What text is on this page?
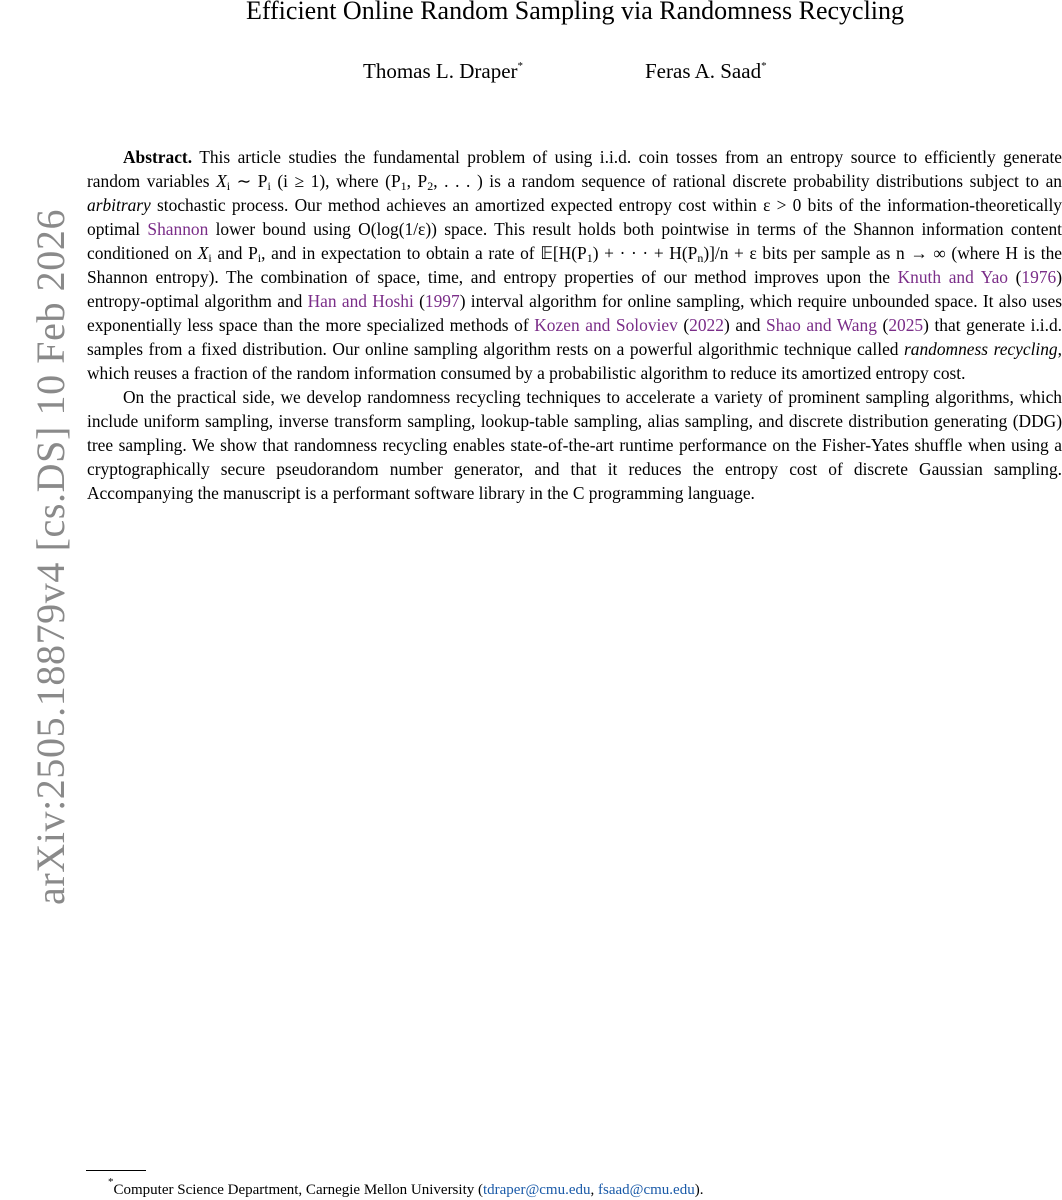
arXiv:2505.18879v4 [cs.DS] 10 Feb 2026
Efficient Online Random Sampling via Randomness Recycling
Thomas L. Draper*	Feras A. Saad*

Abstract. This article studies the fundamental problem of using i.i.d. coin tosses from an entropy source to efficiently generate random variables $X_i$ ∼ $P_i$ (i ≥ 1), where ($P_1$, $P_2$, . . . ) is a random sequence of rational discrete probability distributions subject to an arbitrary stochastic process. Our method achieves an amortized expected entropy cost within ε > 0 bits of the information-theoretically optimal Shannon lower bound using O(log(1/ε)) space. This result holds both pointwise in terms of the Shannon information content conditioned on $X_i$ and $P_i$, and in expectation to obtain a rate of $𝔼[H(P_1)$ + · · · + $H(P_n)]/n + \varepsilon$ bits per sample as n → ∞ (where H is the Shannon entropy). The combination of space, time, and entropy properties of our method improves upon the Knuth and Yao (1976) entropy-optimal algorithm and Han and Hoshi (1997) interval algorithm for online sampling, which require unbounded space. It also uses exponentially less space than the more specialized methods of Kozen and Soloviev (2022) and Shao and Wang (2025) that generate i.i.d. samples from a fixed distribution. Our online sampling algorithm rests on a powerful algorithmic technique called randomness recycling, which reuses a fraction of the random information consumed by a probabilistic algorithm to reduce its amortized entropy cost.

On the practical side, we develop randomness recycling techniques to accelerate a variety of prominent sampling algorithms, which include uniform sampling, inverse transform sampling, lookup-table sampling, alias sampling, and discrete distribution generating (DDG) tree sampling. We show that randomness recycling enables state-of-the-art runtime performance on the Fisher-Yates shuffle when using a cryptographically secure pseudorandom number generator, and that it reduces the entropy cost of discrete Gaussian sampling. Accompanying the manuscript is a performant software library in the C programming language.

*Computer Science Department, Carnegie Mellon University (tdraper@cmu.edu, fsaad@cmu.edu).
